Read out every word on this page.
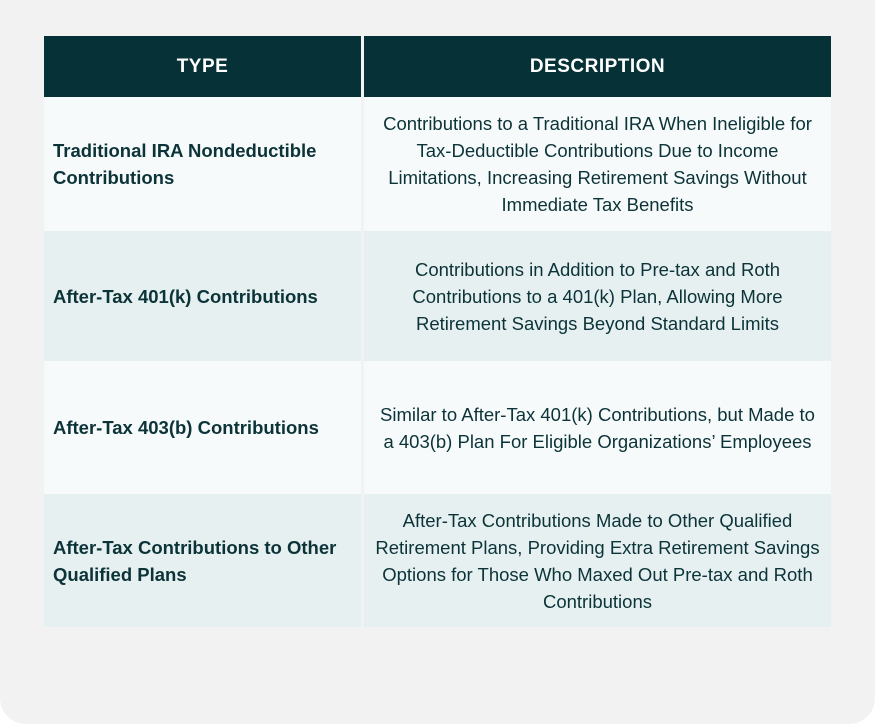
TYPE	DESCRIPTION
Traditional IRA Nondeductible Contributions	Contributions to a Traditional IRA When Ineligible for Tax-Deductible Contributions Due to Income Limitations, Increasing Retirement Savings Without Immediate Tax Benefits
After-Tax 401(k) Contributions	Contributions in Addition to Pre-tax and Roth Contributions to a 401(k) Plan, Allowing More Retirement Savings Beyond Standard Limits
After-Tax 403(b) Contributions	Similar to After-Tax 401(k) Contributions, but Made to a 403(b) Plan For Eligible Organizations’ Employees
After-Tax Contributions to Other Qualified Plans	After-Tax Contributions Made to Other Qualified Retirement Plans, Providing Extra Retirement Savings Options for Those Who Maxed Out Pre-tax and Roth Contributions
